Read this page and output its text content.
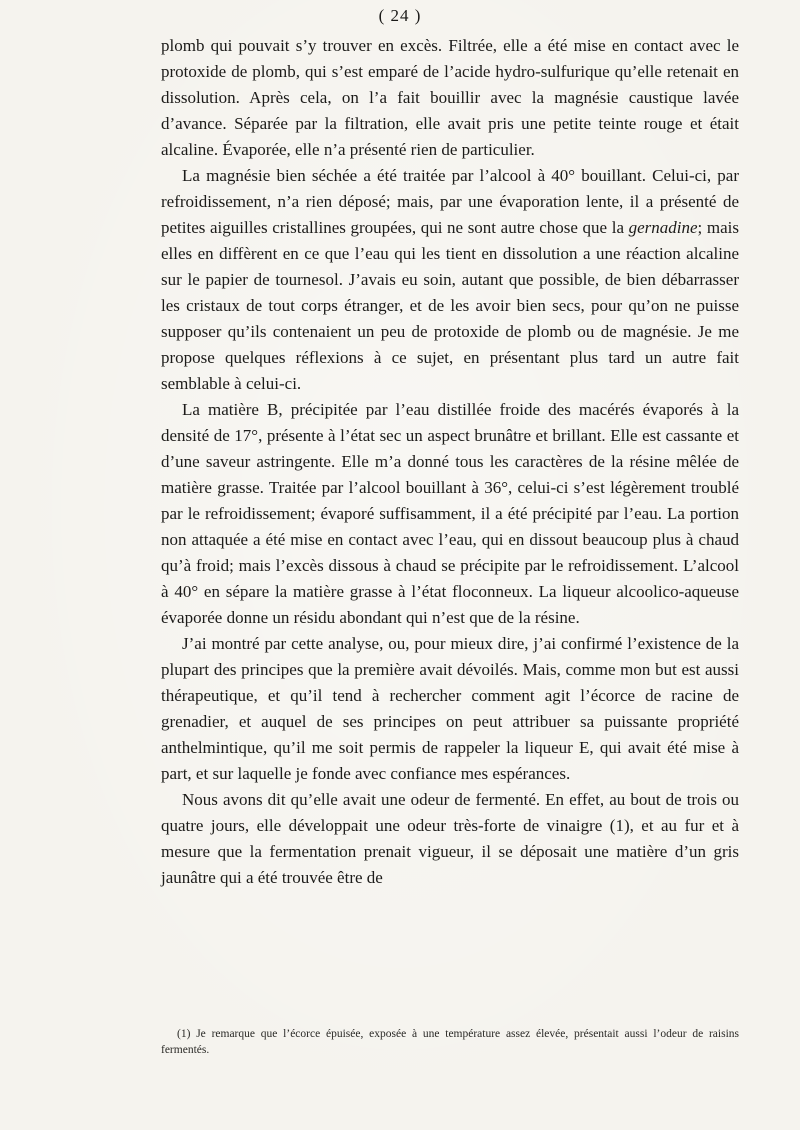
( 24 )

plomb qui pouvait s’y trouver en excès. Filtrée, elle a été mise en contact avec le protoxide de plomb, qui s’est emparé de l’acide hydro-sulfurique qu’elle retenait en dissolution. Après cela, on l’a fait bouillir avec la magnésie caustique lavée d’avance. Séparée par la filtration, elle avait pris une petite teinte rouge et était alcaline. Évaporée, elle n’a présenté rien de particulier.

La magnésie bien séchée a été traitée par l’alcool à 40° bouillant. Celui-ci, par refroidissement, n’a rien déposé; mais, par une évaporation lente, il a présenté de petites aiguilles cristallines groupées, qui ne sont autre chose que la gernadine; mais elles en diffèrent en ce que l’eau qui les tient en dissolution a une réaction alcaline sur le papier de tournesol. J’avais eu soin, autant que possible, de bien débarrasser les cristaux de tout corps étranger, et de les avoir bien secs, pour qu’on ne puisse supposer qu’ils contenaient un peu de protoxide de plomb ou de magnésie. Je me propose quelques réflexions à ce sujet, en présentant plus tard un autre fait semblable à celui-ci.

La matière B, précipitée par l’eau distillée froide des macérés évaporés à la densité de 17°, présente à l’état sec un aspect brunâtre et brillant. Elle est cassante et d’une saveur astringente. Elle m’a donné tous les caractères de la résine mêlée de matière grasse. Traitée par l’alcool bouillant à 36°, celui-ci s’est légèrement troublé par le refroidissement; évaporé suffisamment, il a été précipité par l’eau. La portion non attaquée a été mise en contact avec l’eau, qui en dissout beaucoup plus à chaud qu’à froid; mais l’excès dissous à chaud se précipite par le refroidissement. L’alcool à 40° en sépare la matière grasse à l’état floconneux. La liqueur alcoolico-aqueuse évaporée donne un résidu abondant qui n’est que de la résine.

J’ai montré par cette analyse, ou, pour mieux dire, j’ai confirmé l’existence de la plupart des principes que la première avait dévoilés. Mais, comme mon but est aussi thérapeutique, et qu’il tend à rechercher comment agit l’écorce de racine de grenadier, et auquel de ses principes on peut attribuer sa puissante propriété anthelmintique, qu’il me soit permis de rappeler la liqueur E, qui avait été mise à part, et sur laquelle je fonde avec confiance mes espérances.

Nous avons dit qu’elle avait une odeur de fermenté. En effet, au bout de trois ou quatre jours, elle développait une odeur très-forte de vinaigre (1), et au fur et à mesure que la fermentation prenait vigueur, il se déposait une matière d’un gris jaunâtre qui a été trouvée être de

(1) Je remarque que l’écorce épuisée, exposée à une température assez élevée, présentait aussi l’odeur de raisins fermentés.
